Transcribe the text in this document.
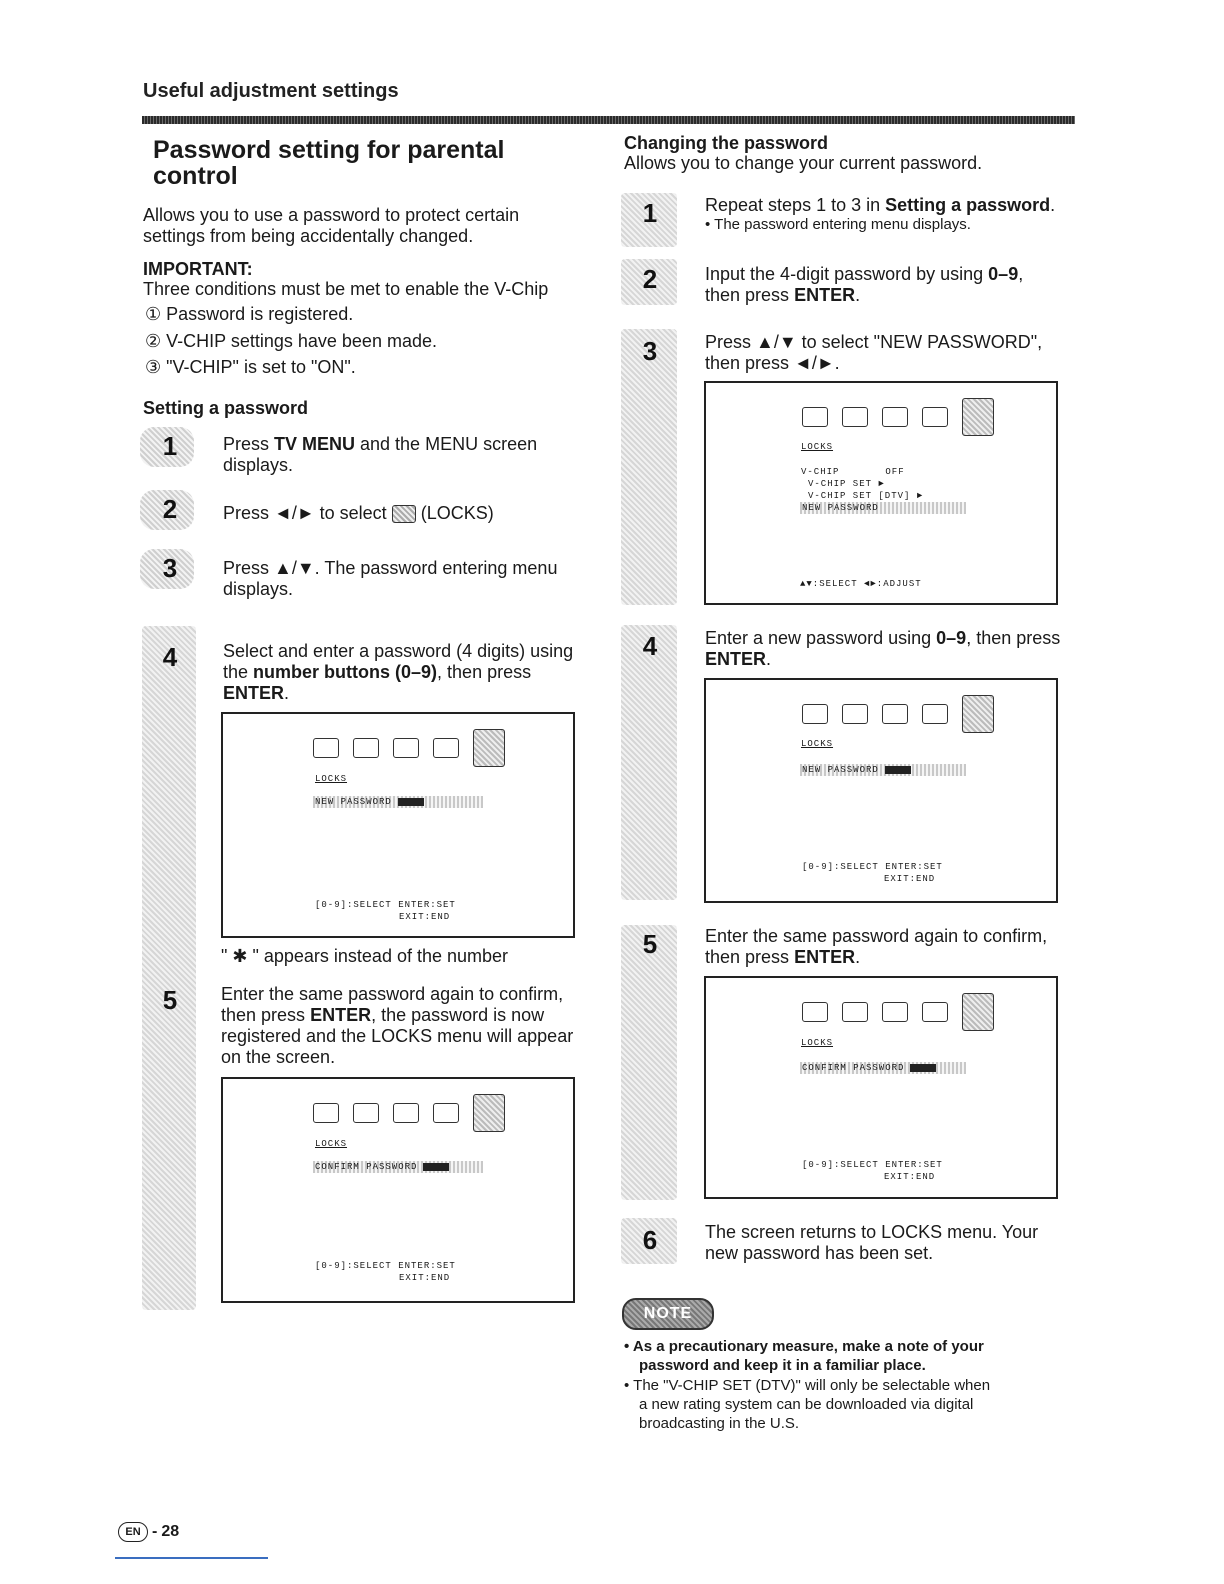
Useful adjustment settings
Password setting for parental
control
Allows you to use a password to protect certain
settings from being accidentally changed.
IMPORTANT:
Three conditions must be met to enable the V-Chip
① Password is registered.
② V-CHIP settings have been made.
③ "V-CHIP" is set to "ON".
Setting a password
1	Press TV MENU and the MENU screen
displays.
2	Press ◄/► to select (LOCKS)
3	Press ▲/▼. The password entering menu
displays.
4	Select and enter a password (4 digits) using
the number buttons (0–9), then press
ENTER.
LOCKS
NEW PASSWORD
[0-9]:SELECT ENTER:SET
EXIT:END
" ✱ " appears instead of the number
5	Enter the same password again to confirm,
then press ENTER, the password is now
registered and the LOCKS menu will appear
on the screen.
LOCKS
CONFIRM PASSWORD
[0-9]:SELECT ENTER:SET
EXIT:END
Changing the password
Allows you to change your current password.
1	Repeat steps 1 to 3 in Setting a password.
• The password entering menu displays.
2	Input the 4-digit password by using 0–9,
then press ENTER.
3	Press ▲/▼ to select "NEW PASSWORD",
then press ◄/►.
LOCKS
V-CHIP	OFF
V-CHIP SET ►
V-CHIP SET [DTV] ►
NEW PASSWORD
▲▼:SELECT ◄►:ADJUST
4	Enter a new password using 0–9, then press
ENTER.
LOCKS
NEW PASSWORD
[0-9]:SELECT ENTER:SET
EXIT:END
5	Enter the same password again to confirm,
then press ENTER.
LOCKS
CONFIRM PASSWORD
[0-9]:SELECT ENTER:SET
EXIT:END
6	The screen returns to LOCKS menu. Your
new password has been set.
NOTE
• As a precautionary measure, make a note of your
password and keep it in a familiar place.
• The "V-CHIP SET (DTV)" will only be selectable when
a new rating system can be downloaded via digital
broadcasting in the U.S.
EN - 28
